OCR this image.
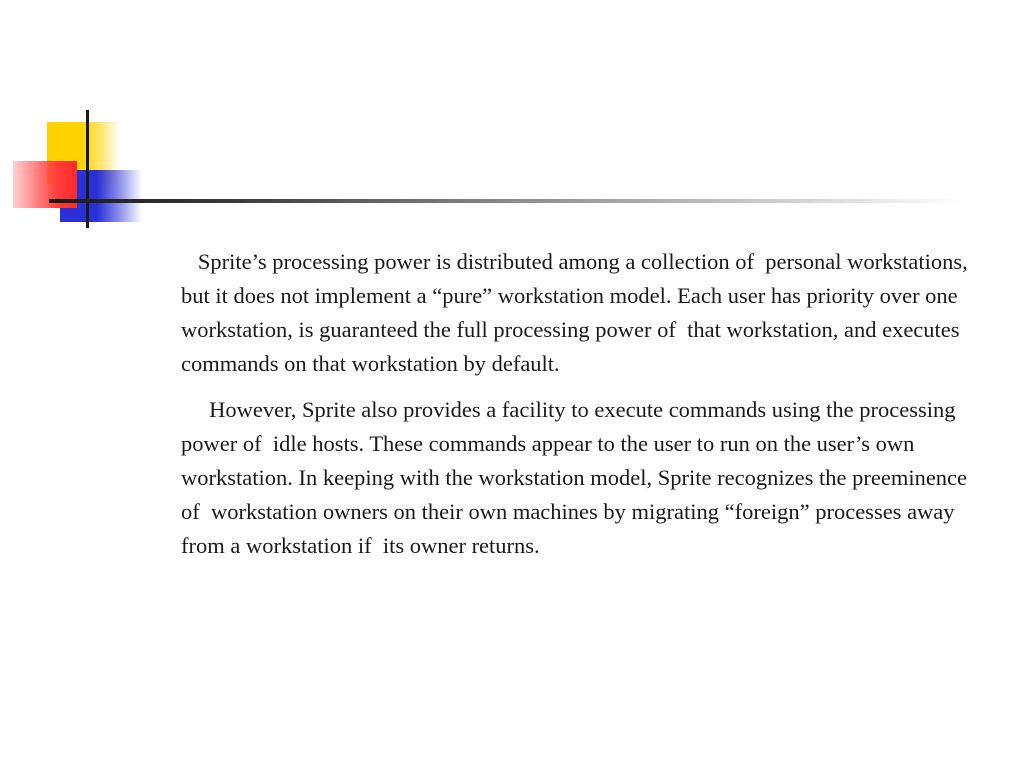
Sprite’s processing power is distributed among a collection of  personal workstations, but it does not implement a “pure” workstation model. Each user has priority over one workstation, is guaranteed the full processing power of  that workstation, and executes commands on that workstation by default.

However, Sprite also provides a facility to execute commands using the processing power of  idle hosts. These commands appear to the user to run on the user’s own workstation. In keeping with the workstation model, Sprite recognizes the preeminence of  workstation owners on their own machines by migrating “foreign” processes away from a workstation if  its owner returns.
